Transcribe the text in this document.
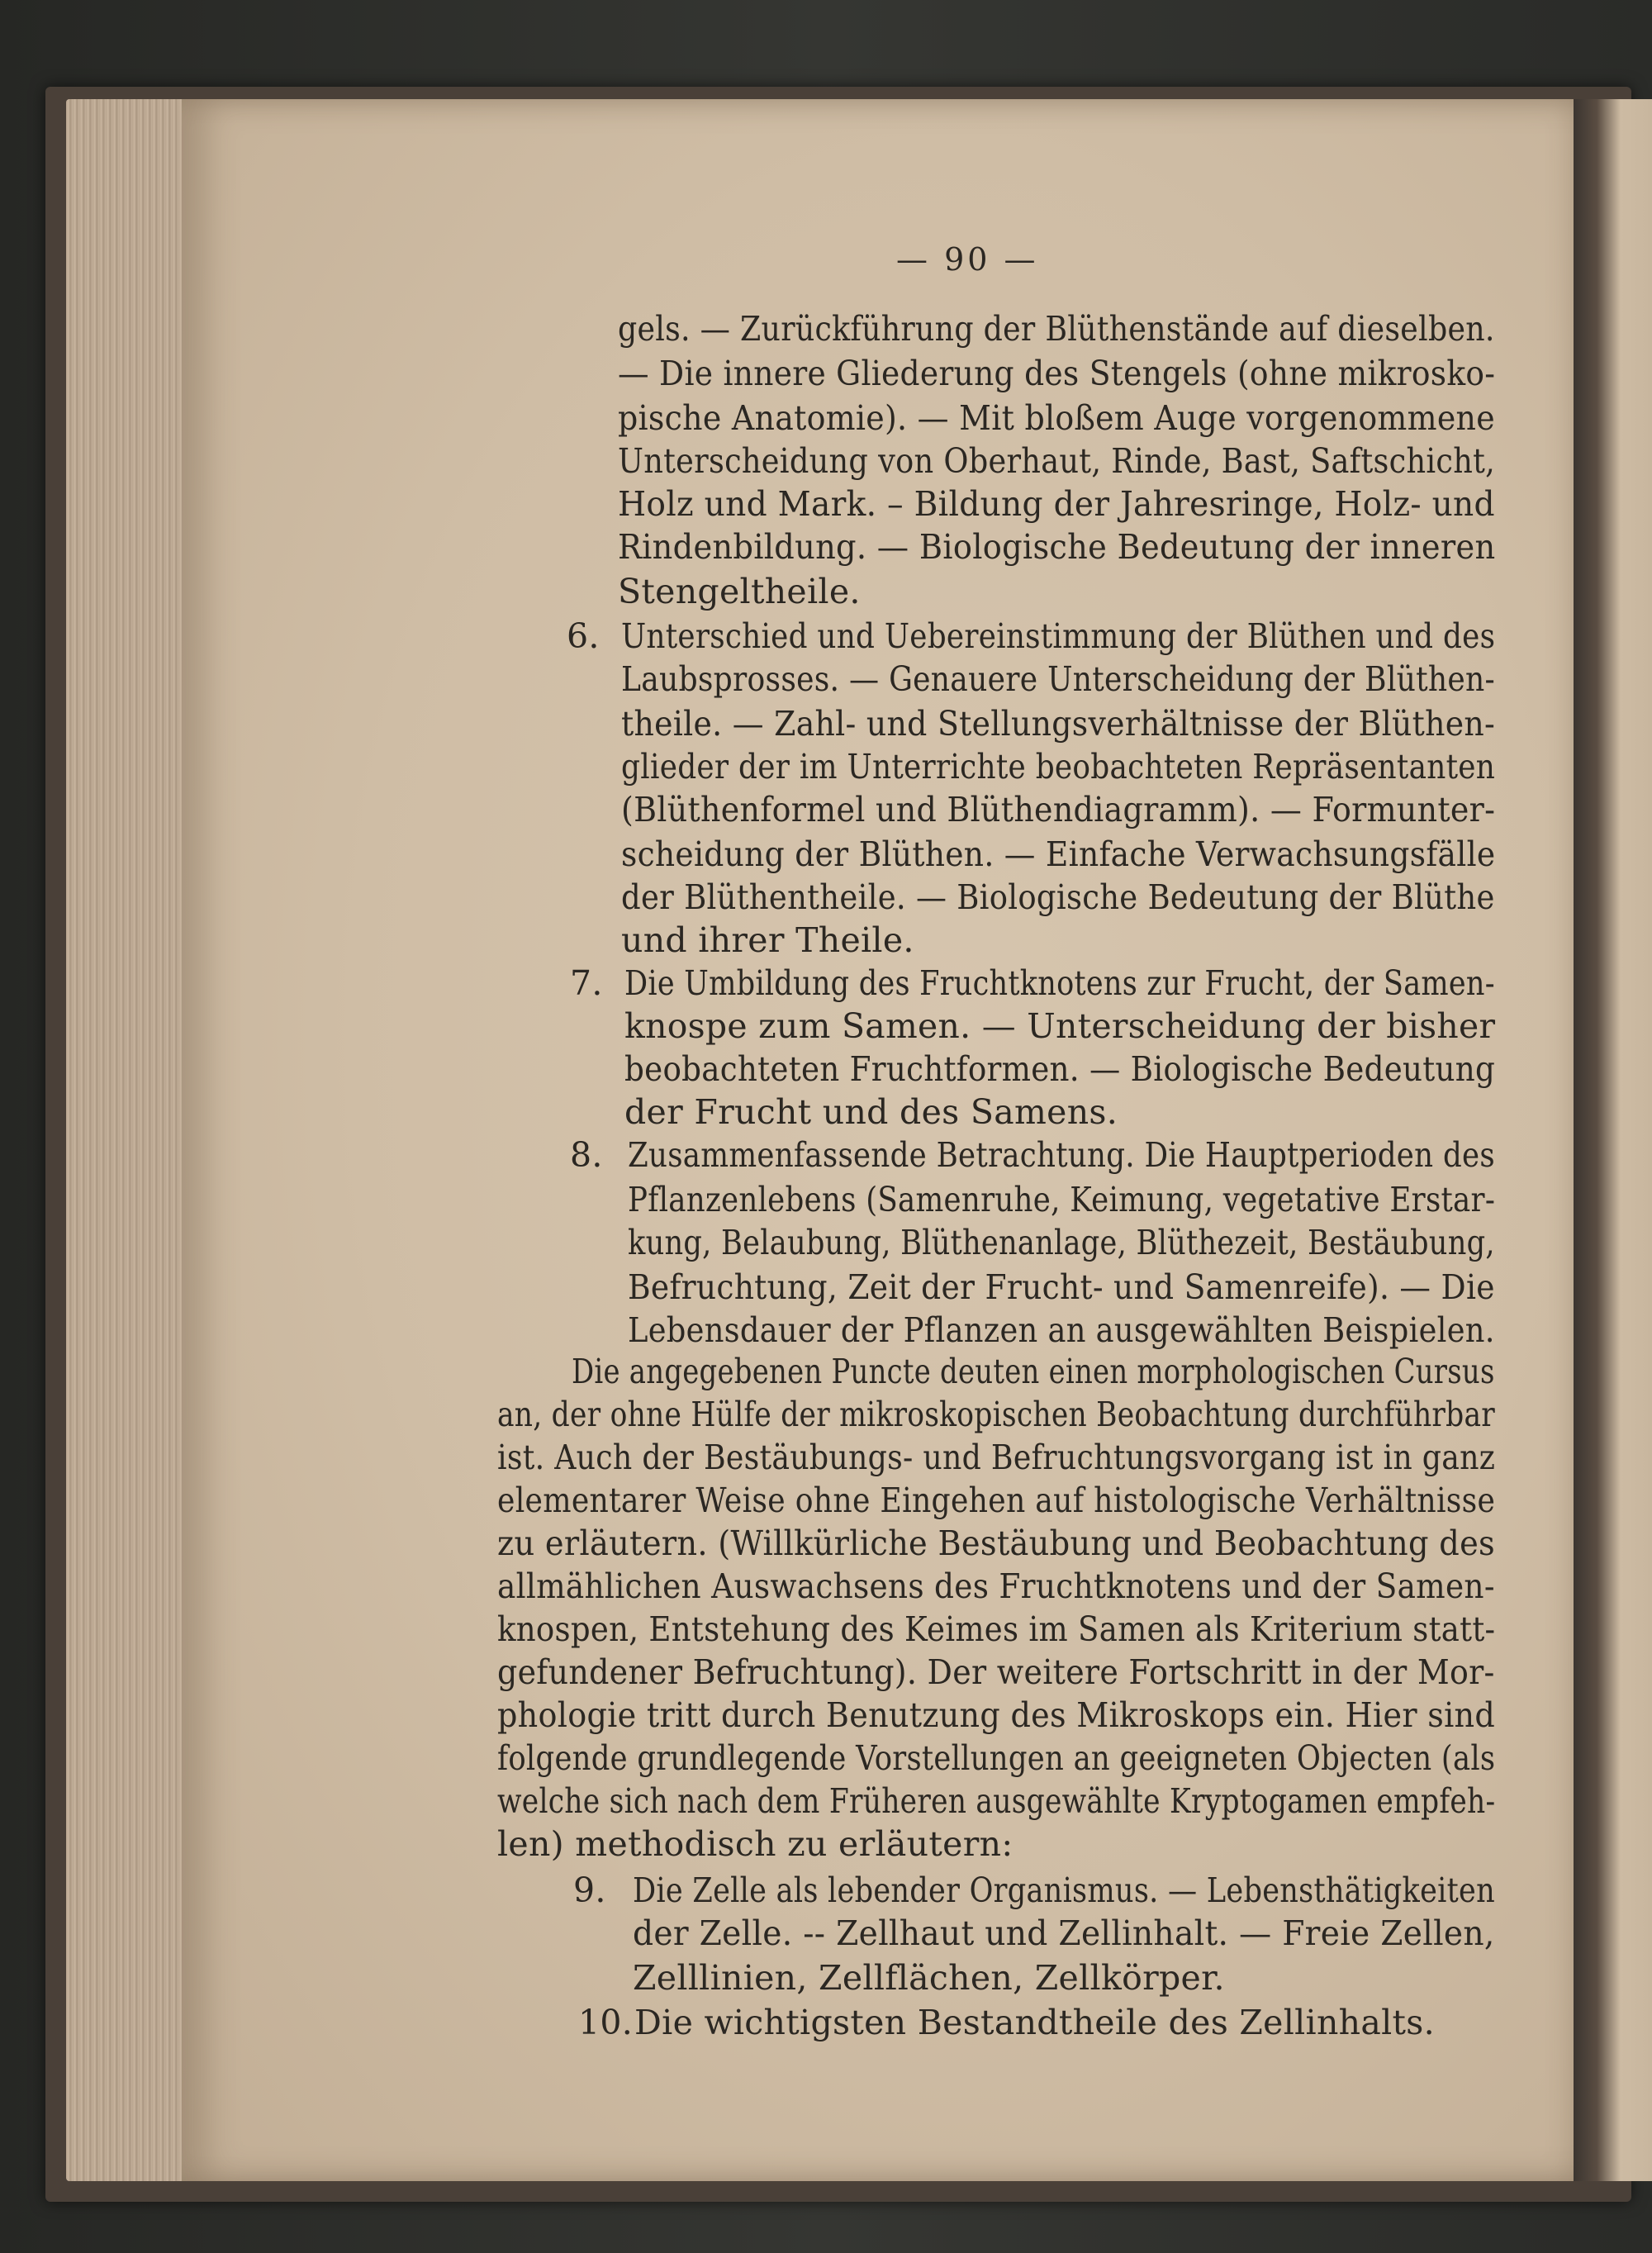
— 90 —
gels. — Zurückführung der Blüthenstände auf dieselben.
— Die innere Gliederung des Stengels (ohne mikrosko-
pische Anatomie). — Mit bloßem Auge vorgenommene
Unterscheidung von Oberhaut, Rinde, Bast, Saftschicht,
Holz und Mark. – Bildung der Jahresringe, Holz- und
Rindenbildung. — Biologische Bedeutung der inneren
Stengeltheile.
6. Unterschied und Uebereinstimmung der Blüthen und des
Laubsprosses. — Genauere Unterscheidung der Blüthen-
theile. — Zahl- und Stellungsverhältnisse der Blüthen-
glieder der im Unterrichte beobachteten Repräsentanten
(Blüthenformel und Blüthendiagramm). — Formunter-
scheidung der Blüthen. — Einfache Verwachsungsfälle
der Blüthentheile. — Biologische Bedeutung der Blüthe
und ihrer Theile.
7. Die Umbildung des Fruchtknotens zur Frucht, der Samen-
knospe zum Samen. — Unterscheidung der bisher
beobachteten Fruchtformen. — Biologische Bedeutung
der Frucht und des Samens.
8. Zusammenfassende Betrachtung. Die Hauptperioden des
Pflanzenlebens (Samenruhe, Keimung, vegetative Erstar-
kung, Belaubung, Blüthenanlage, Blüthezeit, Bestäubung,
Befruchtung, Zeit der Frucht- und Samenreife). — Die
Lebensdauer der Pflanzen an ausgewählten Beispielen.
Die angegebenen Puncte deuten einen morphologischen Cursus
an, der ohne Hülfe der mikroskopischen Beobachtung durchführbar
ist. Auch der Bestäubungs- und Befruchtungsvorgang ist in ganz
elementarer Weise ohne Eingehen auf histologische Verhältnisse
zu erläutern. (Willkürliche Bestäubung und Beobachtung des
allmählichen Auswachsens des Fruchtknotens und der Samen-
knospen, Entstehung des Keimes im Samen als Kriterium statt-
gefundener Befruchtung). Der weitere Fortschritt in der Mor-
phologie tritt durch Benutzung des Mikroskops ein. Hier sind
folgende grundlegende Vorstellungen an geeigneten Objecten (als
welche sich nach dem Früheren ausgewählte Kryptogamen empfeh-
len) methodisch zu erläutern:
9. Die Zelle als lebender Organismus. — Lebensthätigkeiten
der Zelle. -- Zellhaut und Zellinhalt. — Freie Zellen,
Zelllinien, Zellflächen, Zellkörper.
10. Die wichtigsten Bestandtheile des Zellinhalts.
